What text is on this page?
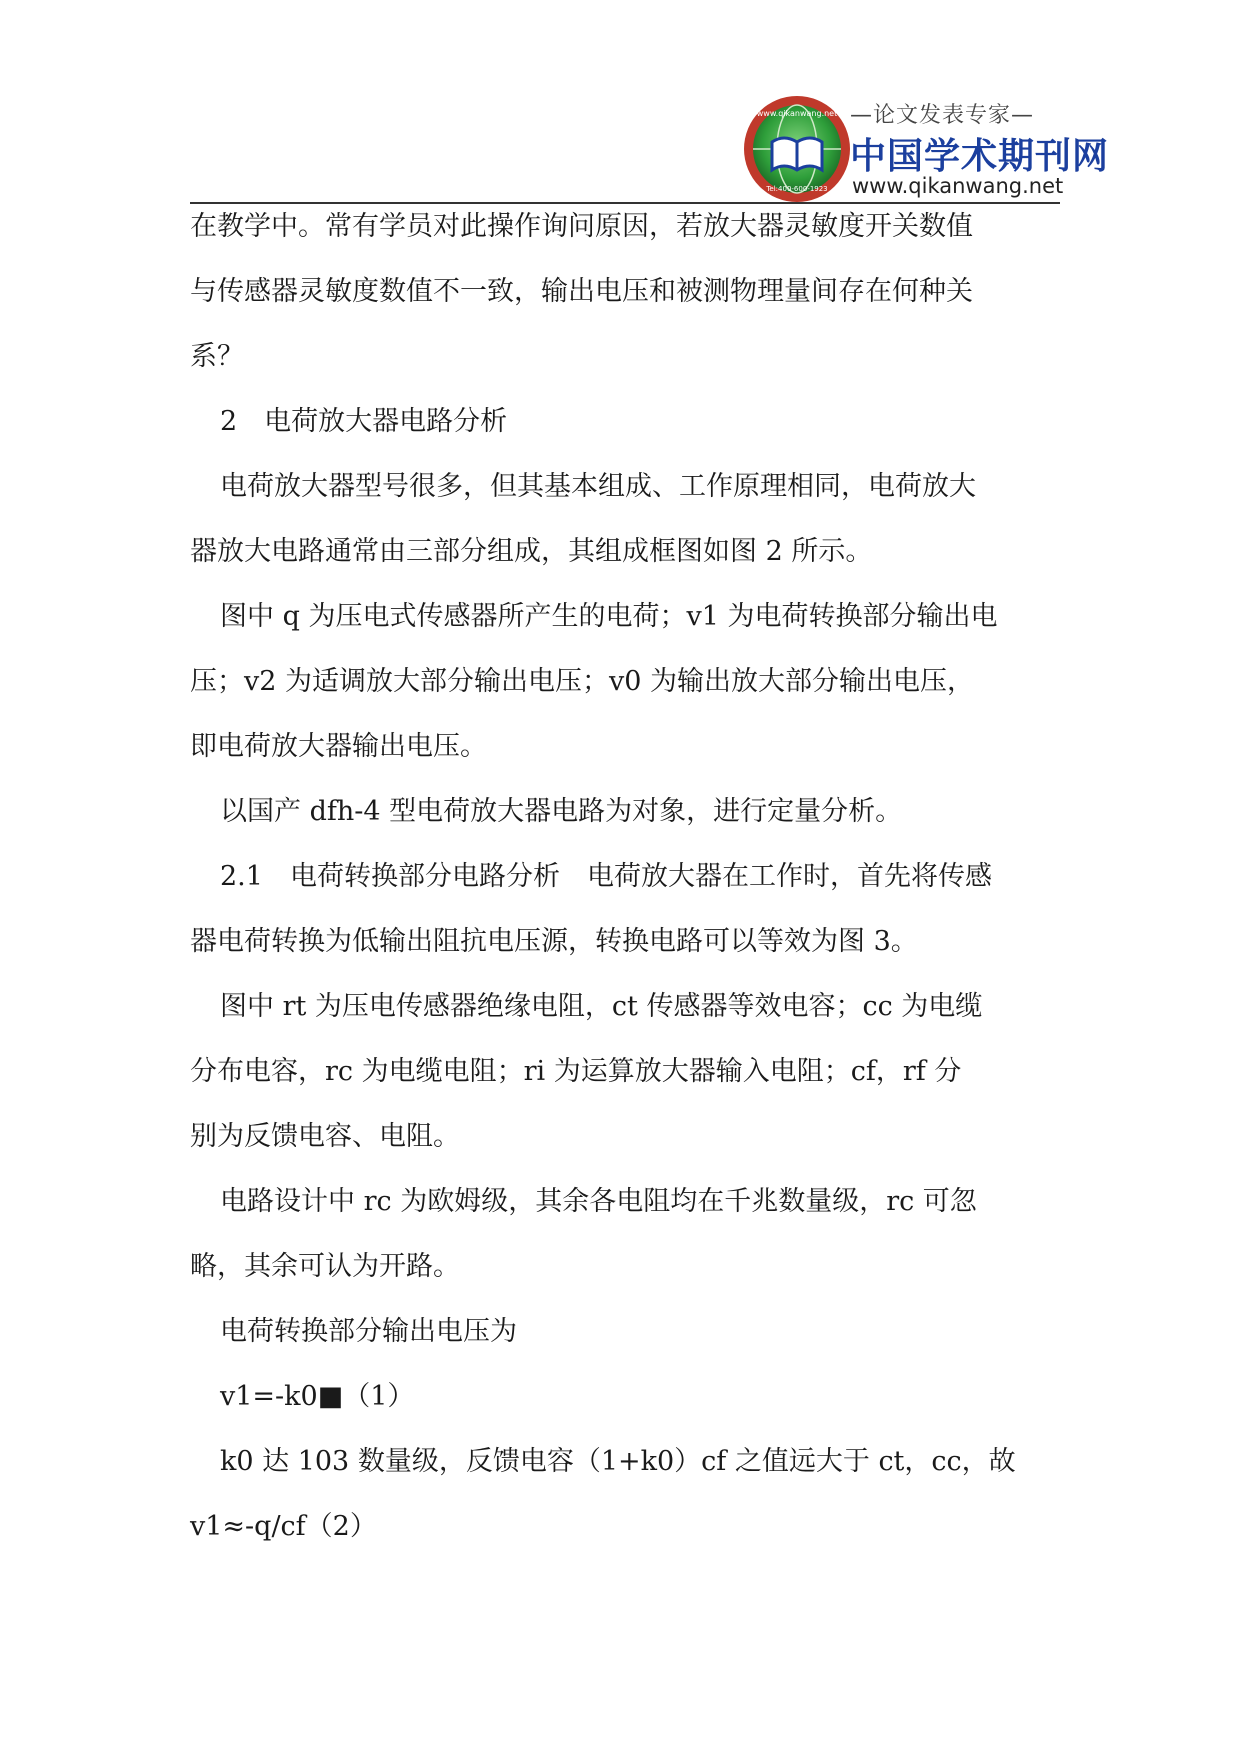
www.qikanwang.net
Tel:400-600-1923
—论文发表专家—
中国学术期刊网
www.qikanwang.net
在教学中。常有学员对此操作询问原因，若放大器灵敏度开关数值
与传感器灵敏度数值不一致，输出电压和被测物理量间存在何种关
系？
2　电荷放大器电路分析
电荷放大器型号很多，但其基本组成、工作原理相同，电荷放大
器放大电路通常由三部分组成，其组成框图如图 2 所示。
图中 q 为压电式传感器所产生的电荷；v1 为电荷转换部分输出电
压；v2 为适调放大部分输出电压；v0 为输出放大部分输出电压，
即电荷放大器输出电压。
以国产 dfh-4 型电荷放大器电路为对象，进行定量分析。
2.1　电荷转换部分电路分析　电荷放大器在工作时，首先将传感
器电荷转换为低输出阻抗电压源，转换电路可以等效为图 3。
图中 rt 为压电传感器绝缘电阻，ct 传感器等效电容；cc 为电缆
分布电容，rc 为电缆电阻；ri 为运算放大器输入电阻；cf，rf 分
别为反馈电容、电阻。
电路设计中 rc 为欧姆级，其余各电阻均在千兆数量级，rc 可忽
略，其余可认为开路。
电荷转换部分输出电压为
v1=-k0■（1）
k0 达 103 数量级，反馈电容（1+k0）cf 之值远大于 ct，cc，故
v1≈-q/cf（2）
